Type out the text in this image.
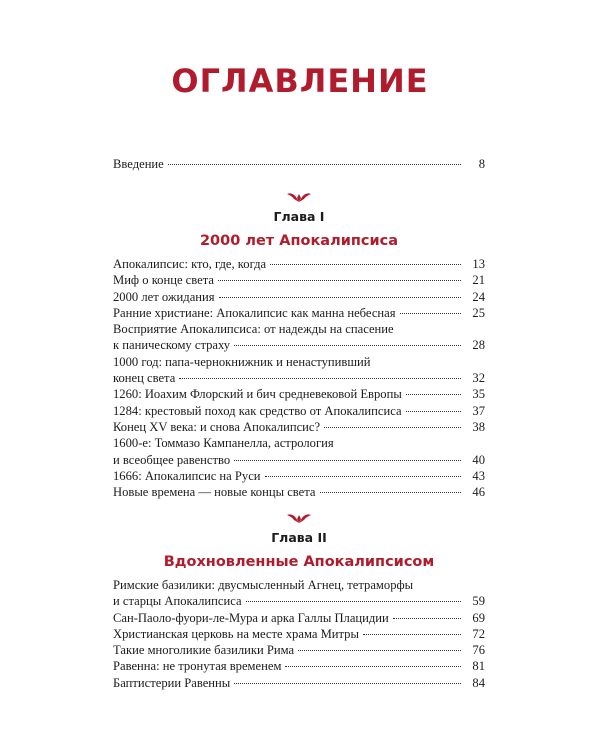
ОГЛАВЛЕНИЕ
Введение	8
Глава I
2000 лет Апокалипсиса
Апокалипсис: кто, где, когда	13
Миф о конце света	21
2000 лет ожидания	24
Ранние христиане: Апокалипсис как манна небесная	25
Восприятие Апокалипсиса: от надежды на спасение
к паническому страху	28
1000 год: папа-чернокнижник и ненаступивший
конец света	32
1260: Иоахим Флорский и бич средневековой Европы	35
1284: крестовый поход как средство от Апокалипсиса	37
Конец XV века: и снова Апокалипсис?	38
1600-е: Томмазо Кампанелла, астрология
и всеобщее равенство	40
1666: Апокалипсис на Руси	43
Новые времена — новые концы света	46
Глава II
Вдохновленные Апокалипсисом
Римские базилики: двусмысленный Агнец, тетраморфы
и старцы Апокалипсиса	59
Сан-Паоло-фуори-ле-Мура и арка Галлы Плацидии	69
Христианская церковь на месте храма Митры	72
Такие многоликие базилики Рима	76
Равенна: не тронутая временем	81
Баптистерии Равенны	84
